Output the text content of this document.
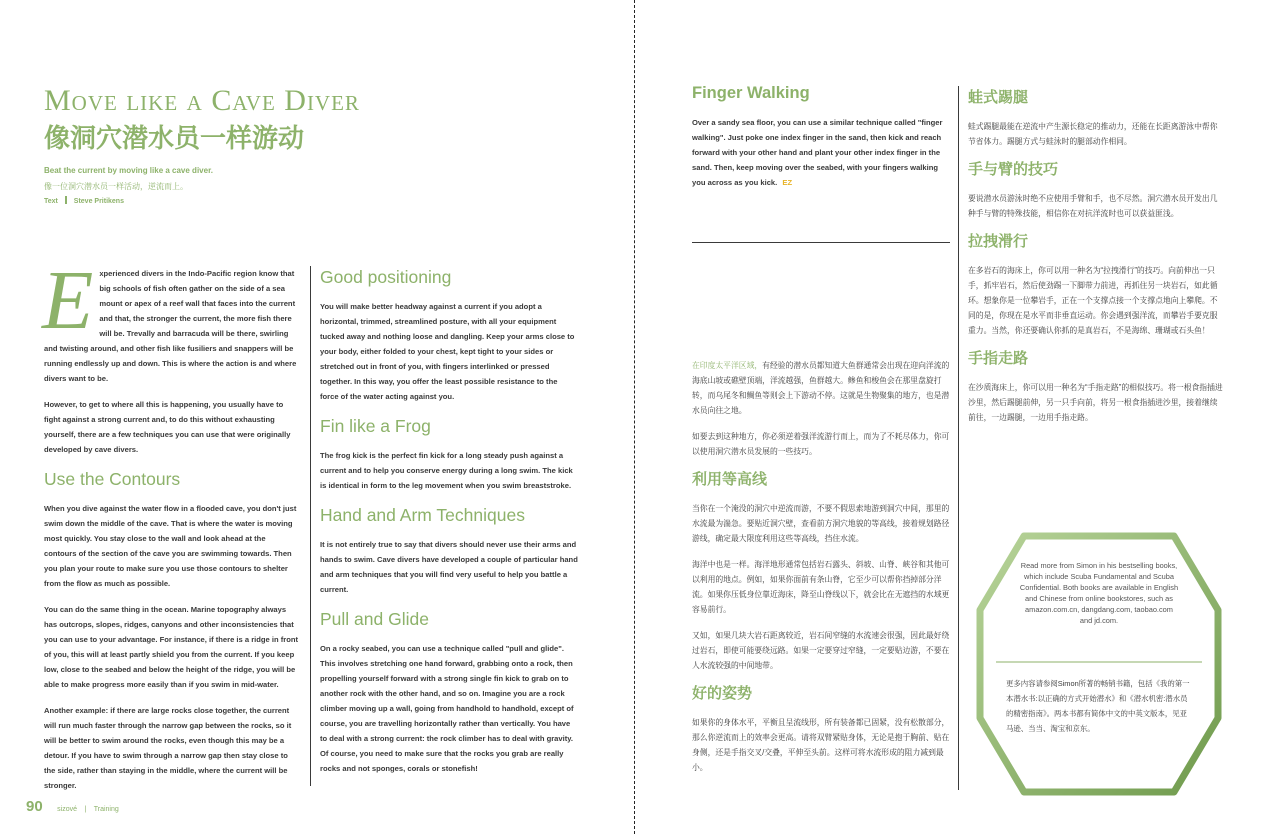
Move like a Cave Diver
像洞穴潜水员一样游动
Beat the current by moving like a cave diver.
像一位洞穴潜水员一样活动，逆流而上。
Text Steve Pritikens
E xperienced divers in the Indo-Pacific region know that big schools of fish often gather on the side of a sea mount or apex of a reef wall that faces into the current and that, the stronger the current, the more fish there will be. Trevally and barracuda will be there, swirling and twisting around, and other fish like fusiliers and snappers will be running endlessly up and down. This is where the action is and where divers want to be.

However, to get to where all this is happening, you usually have to fight against a strong current and, to do this without exhausting yourself, there are a few techniques you can use that were originally developed by cave divers.

Use the Contours

When you dive against the water flow in a flooded cave, you don't just swim down the middle of the cave. That is where the water is moving most quickly. You stay close to the wall and look ahead at the contours of the section of the cave you are swimming towards. Then you plan your route to make sure you use those contours to shelter from the flow as much as possible.

You can do the same thing in the ocean. Marine topography always has outcrops, slopes, ridges, canyons and other inconsistencies that you can use to your advantage. For instance, if there is a ridge in front of you, this will at least partly shield you from the current. If you keep low, close to the seabed and below the height of the ridge, you will be able to make progress more easily than if you swim in mid-water.

Another example: if there are large rocks close together, the current will run much faster through the narrow gap between the rocks, so it will be better to swim around the rocks, even though this may be a detour. If you have to swim through a narrow gap then stay close to the side, rather than staying in the middle, where the current will be stronger.

Good positioning

You will make better headway against a current if you adopt a horizontal, trimmed, streamlined posture, with all your equipment tucked away and nothing loose and dangling. Keep your arms close to your body, either folded to your chest, kept tight to your sides or stretched out in front of you, with fingers interlinked or pressed together. In this way, you offer the least possible resistance to the force of the water acting against you.

Fin like a Frog

The frog kick is the perfect fin kick for a long steady push against a current and to help you conserve energy during a long swim. The kick is identical in form to the leg movement when you swim breaststroke.

Hand and Arm Techniques

It is not entirely true to say that divers should never use their arms and hands to swim. Cave divers have developed a couple of particular hand and arm techniques that you will find very useful to help you battle a current.

Pull and Glide

On a rocky seabed, you can use a technique called "pull and glide". This involves stretching one hand forward, grabbing onto a rock, then propelling yourself forward with a strong single fin kick to grab on to another rock with the other hand, and so on. Imagine you are a rock climber moving up a wall, going from handhold to handhold, except of course, you are travelling horizontally rather than vertically. You have to deal with a strong current: the rock climber has to deal with gravity. Of course, you need to make sure that the rocks you grab are really rocks and not sponges, corals or stonefish!

90 sizové | Training
Finger Walking

Over a sandy sea floor, you can use a similar technique called "finger walking". Just poke one index finger in the sand, then kick and reach forward with your other hand and plant your other index finger in the sand. Then, keep moving over the seabed, with your fingers walking you across as you kick. EZ

在印度太平洋区域，有经验的潜水员都知道大鱼群通常会出现在迎向洋流的海底山坡或礁壁顶端，洋流越强，鱼群越大。鲹鱼和梭鱼会在那里盘旋打转，而乌尾冬和鲷鱼等则会上下游动不停。这就是生物聚集的地方，也是潜水员向往之地。

如要去到这种地方，你必须逆着强洋流游行而上，而为了不耗尽体力，你可以使用洞穴潜水员发展的一些技巧。

利用等高线

当你在一个淹没的洞穴中逆流而游，不要不假思索地游到洞穴中间，那里的水流最为湍急。要贴近洞穴壁，查看前方洞穴地貌的等高线，接着规划路径游线，确定最大限度利用这些等高线，挡住水流。

海洋中也是一样。海洋地形通常包括岩石露头、斜坡、山脊、峡谷和其他可以利用的地点。例如，如果你面前有条山脊，它至少可以帮你挡掉部分洋流。如果你压低身位靠近海床，降至山脊线以下，就会比在无遮挡的水域更容易前行。

又如，如果几块大岩石距离较近，岩石间窄缝的水流速会很强，因此最好绕过岩石，即使可能要绕远路。如果一定要穿过窄缝，一定要贴边游，不要在人水流较强的中间地带。

好的姿势

如果你的身体水平，平衡且呈流线形，所有装备都已固紧，没有松散部分，那么你逆流而上的效率会更高。请将双臂紧贴身体，无论是抱于胸前、贴在身侧，还是手指交叉/交叠，平伸至头前。这样可将水流形成的阻力减到最小。

蛙式踢腿

蛙式踢腿最能在逆流中产生源长稳定的推动力，还能在长距离游泳中帮你节省体力。踢腿方式与蛙泳时的腿部动作相同。

手与臂的技巧

要说潜水员游泳时绝不应使用手臂和手，也不尽然。洞穴潜水员开发出几种手与臂的特殊技能，相信你在对抗洋流时也可以获益匪浅。

拉拽滑行

在多岩石的海床上，你可以用一种名为“拉拽滑行”的技巧。向前伸出一只手，抓牢岩石，然后使劲踢一下脚带力前进，再抓住另一块岩石，如此循环。想象你是一位攀岩手，正在一个支撑点接一个支撑点地向上攀爬。不同的是，你现在是水平而非垂直运动。你会遇到强洋流，而攀岩手要克服重力。当然，你还要确认你抓的是真岩石，不是海绵、珊瑚或石头鱼！

手指走路

在沙质海床上，你可以用一种名为“手指走路”的相似技巧。将一根食指插进沙里，然后踢腿前伸，另一只手向前，将另一根食指插进沙里，接着继续前往，一边踢腿，一边用手指走路。

Read more from Simon in his bestselling books, which include Scuba Fundamental and Scuba Confidential. Both books are available in English and Chinese from online bookstores, such as amazon.com.cn, dangdang.com, taobao.com and jd.com.
更多内容请参阅Simon所著的畅销书籍，包括《我的第一本潜水书:以正确的方式开始潜水》和《潜水机密:潜水员的精密指南》。两本书都有简体中文的中英文版本，见亚马逊、当当、淘宝和京东。
